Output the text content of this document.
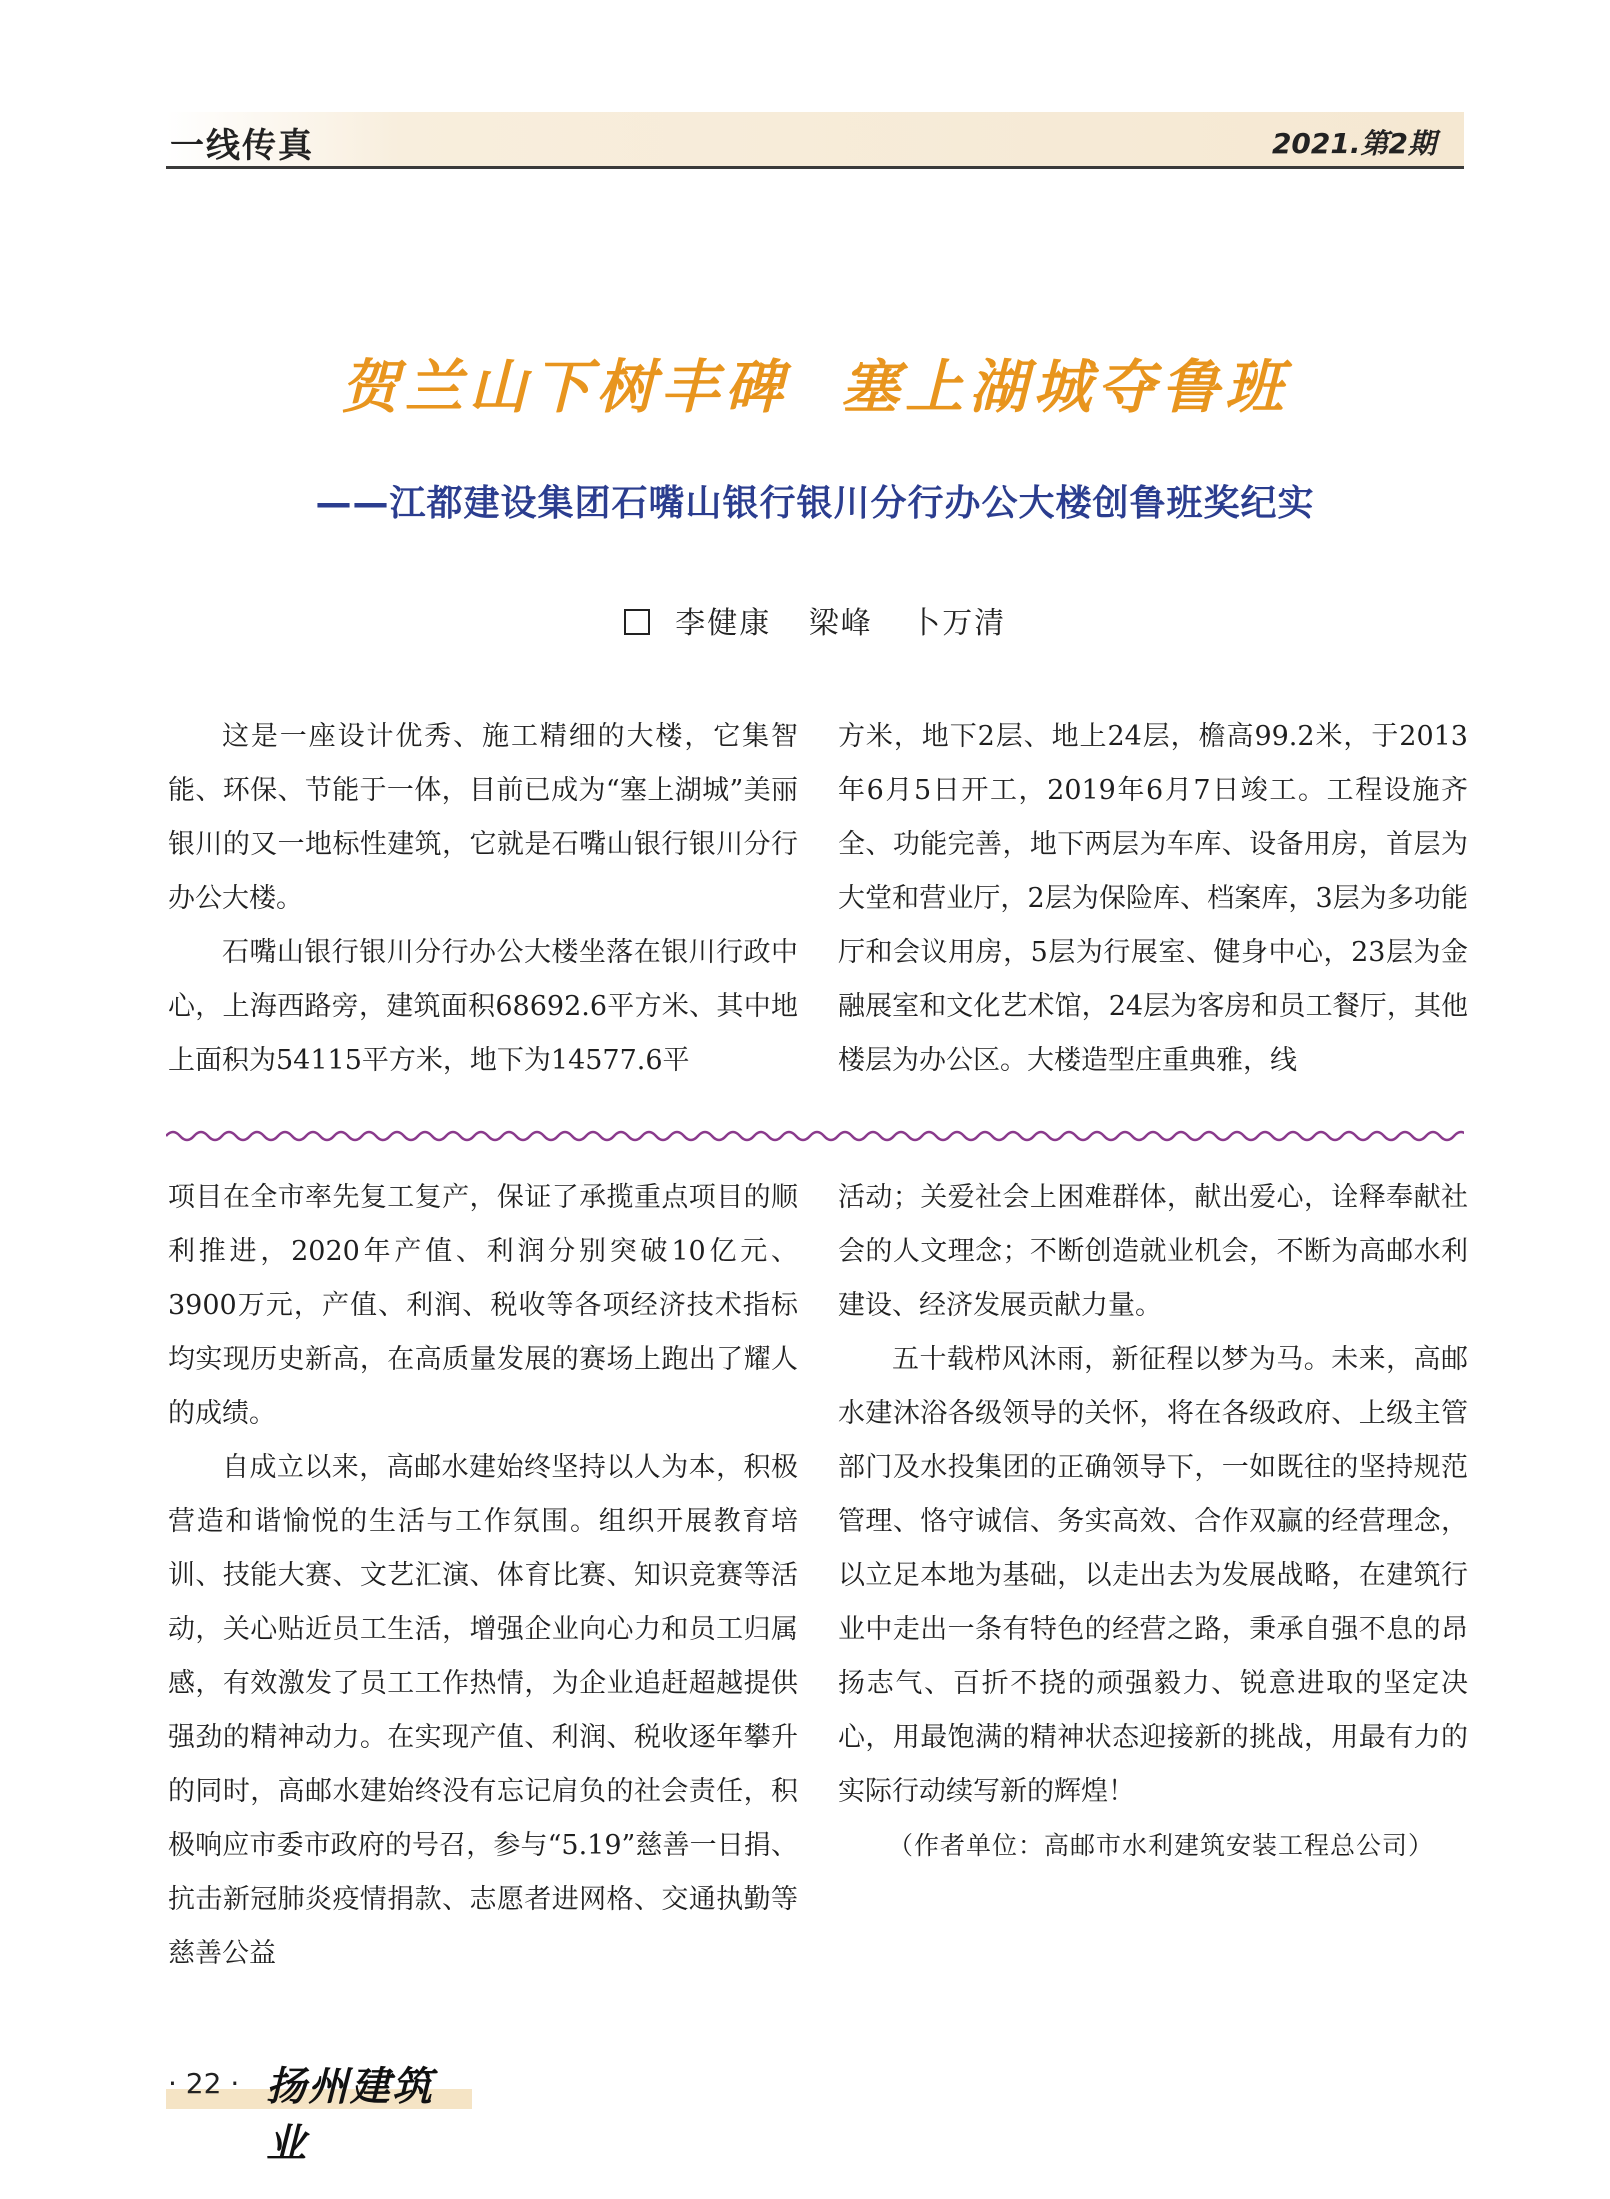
一线传真	2021.第2期
贺兰山下树丰碑  塞上湖城夺鲁班
——江都建设集团石嘴山银行银川分行办公大楼创鲁班奖纪实
李健康 梁峰 卜万清

这是一座设计优秀、施工精细的大楼，它集智能、环保、节能于一体，目前已成为“塞上湖城”美丽银川的又一地标性建筑，它就是石嘴山银行银川分行办公大楼。

石嘴山银行银川分行办公大楼坐落在银川行政中心，上海西路旁，建筑面积68692.6平方米、其中地上面积为54115平方米，地下为14577.6平

方米，地下2层、地上24层，檐高99.2米，于2013年6月5日开工，2019年6月7日竣工。工程设施齐全、功能完善，地下两层为车库、设备用房，首层为大堂和营业厅，2层为保险库、档案库，3层为多功能厅和会议用房，5层为行展室、健身中心，23层为金融展室和文化艺术馆，24层为客房和员工餐厅，其他楼层为办公区。大楼造型庄重典雅，线

项目在全市率先复工复产，保证了承揽重点项目的顺利推进，2020年产值、利润分别突破10亿元、3900万元，产值、利润、税收等各项经济技术指标均实现历史新高，在高质量发展的赛场上跑出了耀人的成绩。

自成立以来，高邮水建始终坚持以人为本，积极营造和谐愉悦的生活与工作氛围。组织开展教育培训、技能大赛、文艺汇演、体育比赛、知识竞赛等活动，关心贴近员工生活，增强企业向心力和员工归属感，有效激发了员工工作热情，为企业追赶超越提供强劲的精神动力。在实现产值、利润、税收逐年攀升的同时，高邮水建始终没有忘记肩负的社会责任，积极响应市委市政府的号召，参与“5.19”慈善一日捐、抗击新冠肺炎疫情捐款、志愿者进网格、交通执勤等慈善公益

活动；关爱社会上困难群体，献出爱心，诠释奉献社会的人文理念；不断创造就业机会，不断为高邮水利建设、经济发展贡献力量。

五十载栉风沐雨，新征程以梦为马。未来，高邮水建沐浴各级领导的关怀，将在各级政府、上级主管部门及水投集团的正确领导下，一如既往的坚持规范管理、恪守诚信、务实高效、合作双赢的经营理念，以立足本地为基础，以走出去为发展战略，在建筑行业中走出一条有特色的经营之路，秉承自强不息的昂扬志气、百折不挠的顽强毅力、锐意进取的坚定决心，用最饱满的精神状态迎接新的挑战，用最有力的实际行动续写新的辉煌！

（作者单位：高邮市水利建筑安装工程总公司）

· 22 · 扬州建筑业
